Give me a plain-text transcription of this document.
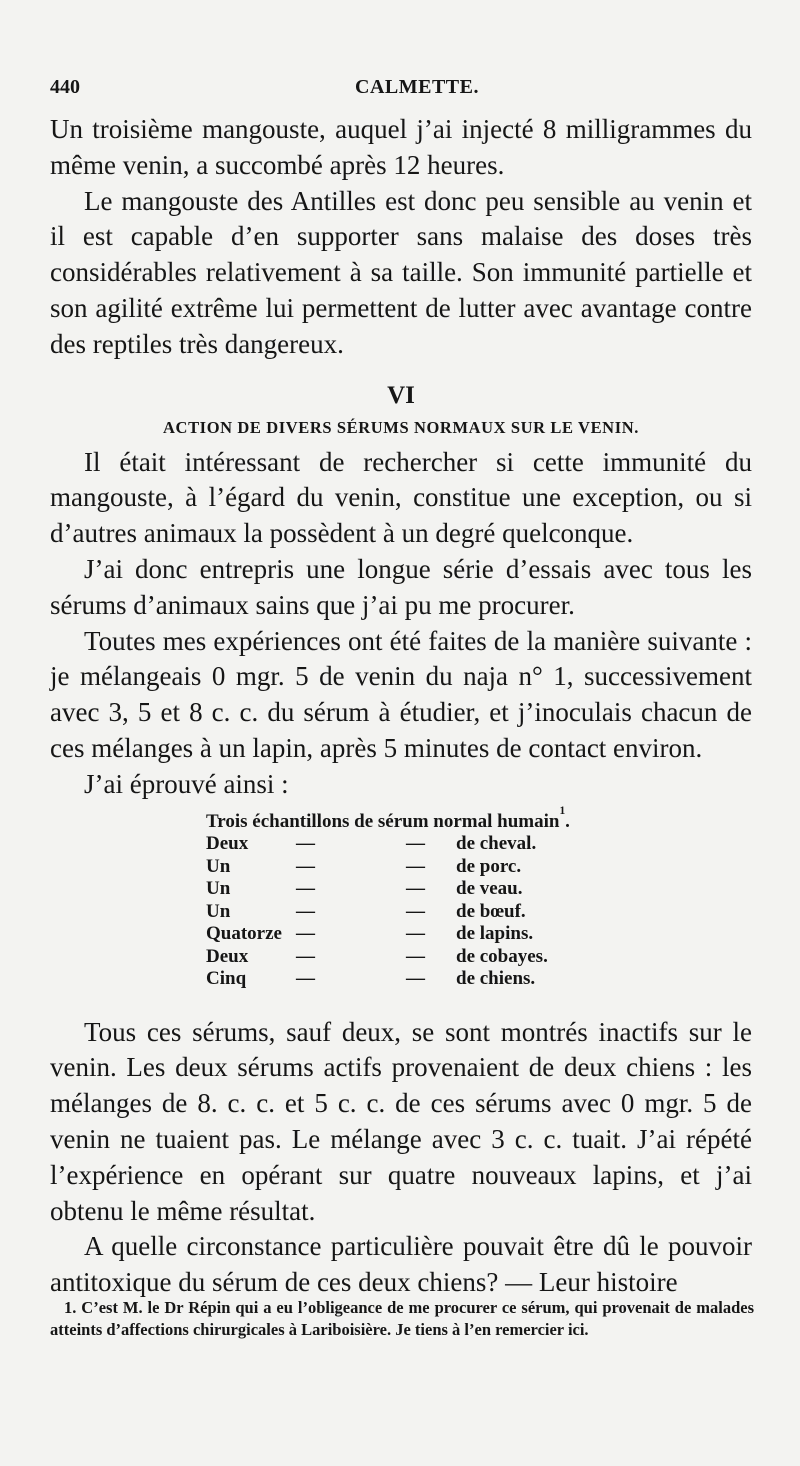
440	CALMETTE.

Un troisième mangouste, auquel j’ai injecté 8 milligrammes du même venin, a succombé après 12 heures.

Le mangouste des Antilles est donc peu sensible au venin et il est capable d’en supporter sans malaise des doses très considérables relativement à sa taille. Son immunité partielle et son agilité extrême lui permettent de lutter avec avantage contre des reptiles très dangereux.

VI
ACTION DE DIVERS SÉRUMS NORMAUX SUR LE VENIN.

Il était intéressant de rechercher si cette immunité du mangouste, à l’égard du venin, constitue une exception, ou si d’autres animaux la possèdent à un degré quelconque.

J’ai donc entrepris une longue série d’essais avec tous les sérums d’animaux sains que j’ai pu me procurer.

Toutes mes expériences ont été faites de la manière suivante : je mélangeais 0 mgr. 5 de venin du naja n° 1, successivement avec 3, 5 et 8 c. c. du sérum à étudier, et j’inoculais chacun de ces mélanges à un lapin, après 5 minutes de contact environ.

J’ai éprouvé ainsi :

Trois échantillons de sérum normal humain 1 .
Deux	—	—	de cheval.
Un	—	—	de porc.
Un	—	—	de veau.
Un	—	—	de bœuf.
Quatorze —	—	de lapins.
Deux	—	—	de cobayes.
Cinq	—	—	de chiens.

Tous ces sérums, sauf deux, se sont montrés inactifs sur le venin. Les deux sérums actifs provenaient de deux chiens : les mélanges de 8. c. c. et 5 c. c. de ces sérums avec 0 mgr. 5 de venin ne tuaient pas. Le mélange avec 3 c. c. tuait. J’ai répété l’expérience en opérant sur quatre nouveaux lapins, et j’ai obtenu le même résultat.

A quelle circonstance particulière pouvait être dû le pouvoir antitoxique du sérum de ces deux chiens? — Leur histoire

1. C’est M. le Dr Répin qui a eu l’obligeance de me procurer ce sérum, qui provenait de malades atteints d’affections chirurgicales à Lariboisière. Je tiens à l’en remercier ici.
